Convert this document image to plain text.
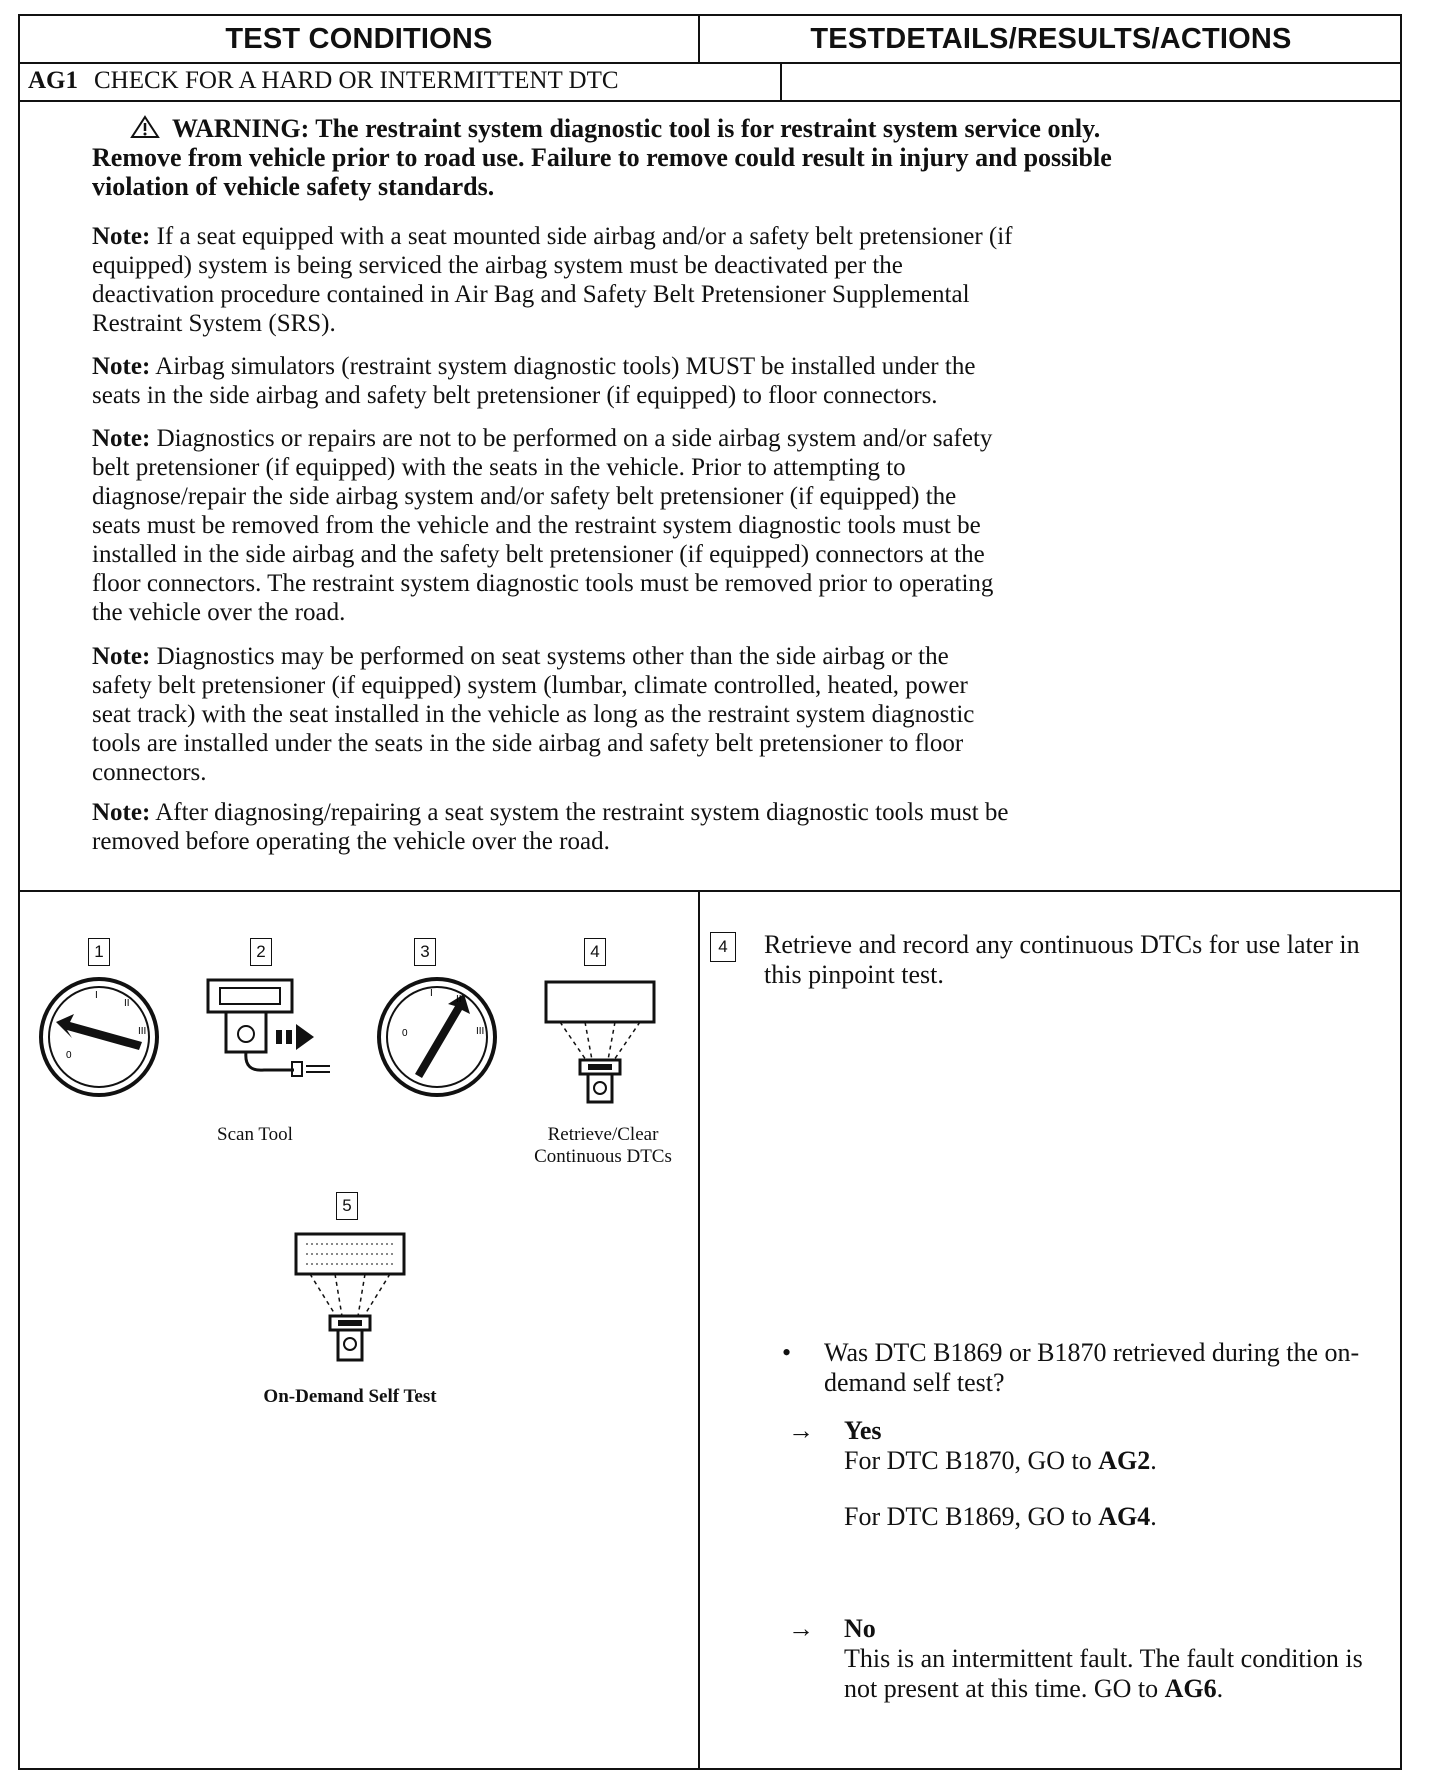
TEST CONDITIONS	TESTDETAILS/RESULTS/ACTIONS
AG1 CHECK FOR A HARD OR INTERMITTENT DTC
WARNING: The restraint system diagnostic tool is for restraint system service only.
Remove from vehicle prior to road use. Failure to remove could result in injury and possible
violation of vehicle safety standards.
Note: If a seat equipped with a seat mounted side airbag and/or a safety belt pretensioner (if
equipped) system is being serviced the airbag system must be deactivated per the
deactivation procedure contained in Air Bag and Safety Belt Pretensioner Supplemental
Restraint System (SRS).
Note: Airbag simulators (restraint system diagnostic tools) MUST be installed under the
seats in the side airbag and safety belt pretensioner (if equipped) to floor connectors.
Note: Diagnostics or repairs are not to be performed on a side airbag system and/or safety
belt pretensioner (if equipped) with the seats in the vehicle. Prior to attempting to
diagnose/repair the side airbag system and/or safety belt pretensioner (if equipped) the
seats must be removed from the vehicle and the restraint system diagnostic tools must be
installed in the side airbag and the safety belt pretensioner (if equipped) connectors at the
floor connectors. The restraint system diagnostic tools must be removed prior to operating
the vehicle over the road.
Note: Diagnostics may be performed on seat systems other than the side airbag or the
safety belt pretensioner (if equipped) system (lumbar, climate controlled, heated, power
seat track) with the seat installed in the vehicle as long as the restraint system diagnostic
tools are installed under the seats in the side airbag and safety belt pretensioner to floor
connectors.
Note: After diagnosing/repairing a seat system the restraint system diagnostic tools must be
removed before operating the vehicle over the road.
1	2	3	4
5
0
I
II
III	0
I
II
III
Scan Tool	Retrieve/Clear
Continuous DTCs
On-Demand Self Test
4	Retrieve and record any continuous DTCs for use later in this pinpoint test.
• Was DTC B1869 or B1870 retrieved during the on-demand self test?
→ Yes
For DTC B1870, GO to AG2.
For DTC B1869, GO to AG4.
→ No
This is an intermittent fault. The fault condition is not present at this time. GO to AG6.
